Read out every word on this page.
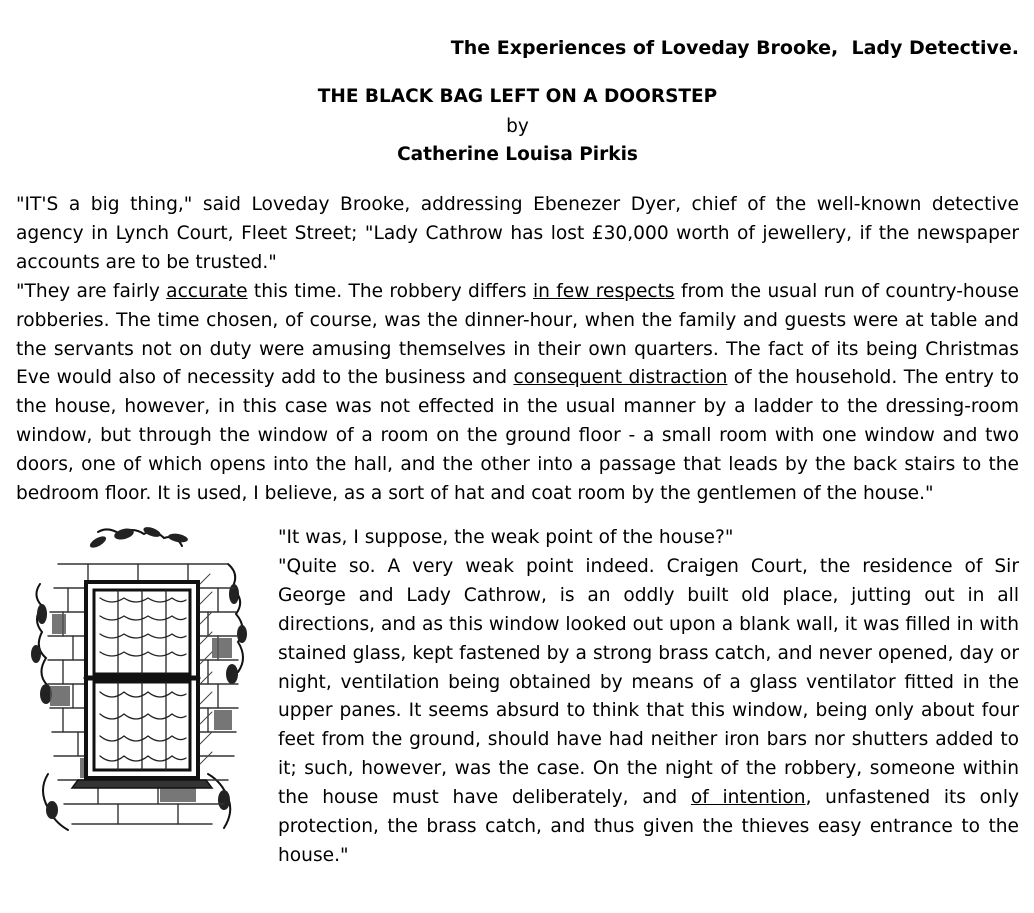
The Experiences of Loveday Brooke,  Lady Detective.
THE BLACK BAG LEFT ON A DOORSTEP
by
Catherine Louisa Pirkis

"IT'S a big thing," said Loveday Brooke, addressing Ebenezer Dyer, chief of the well-known detective agency in Lynch Court, Fleet Street; "Lady Cathrow has lost £30,000 worth of jewellery, if the newspaper accounts are to be trusted."

"They are fairly accurate this time. The robbery differs in few respects from the usual run of country-house robberies. The time chosen, of course, was the dinner-hour, when the family and guests were at table and the servants not on duty were amusing themselves in their own quarters. The fact of its being Christmas Eve would also of necessity add to the business and consequent distraction of the household. The entry to the house, however, in this case was not effected in the usual manner by a ladder to the dressing-room window, but through the window of a room on the ground floor - a small room with one window and two doors, one of which opens into the hall, and the other into a passage that leads by the back stairs to the bedroom floor. It is used, I believe, as a sort of hat and coat room by the gentlemen of the house."

"It was, I suppose, the weak point of the house?"

"Quite so. A very weak point indeed. Craigen Court, the residence of Sir George and Lady Cathrow, is an oddly built old place, jutting out in all directions, and as this window looked out upon a blank wall, it was filled in with stained glass, kept fastened by a strong brass catch, and never opened, day or night, ventilation being obtained by means of a glass ventilator fitted in the upper panes. It seems absurd to think that this window, being only about four feet from the ground, should have had neither iron bars nor shutters added to it; such, however, was the case. On the night of the robbery, someone within the house must have deliberately, and of intention, unfastened its only protection, the brass catch, and thus given the thieves easy entrance to the house."
